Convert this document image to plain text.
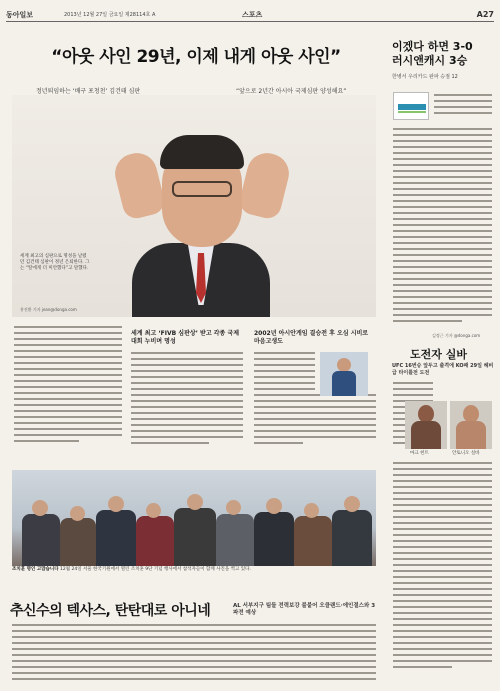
동아일보	2013년 12월 27일 금요일 제28114호 A	스포츠	A27
“아웃 사인 29년, 이제 내게 아웃 사인”
정년퇴임하는 ‘배구 포청천’ 김건태 심판	“앞으로 2년간 아시아 국제심판 양성해요”
세계 최고의 심판으로 명성을 날렸던 김건태 심판이 정년 은퇴한다. 그는 “딸에게 더 미안했다”고 말했다.
홍진환 기자 jean@donga.com
세계 최고 ‘FIVB 심판상’ 받고 각종 국제대회 누비며 명성
2002년 아시안게임 결승전 후 오심 시비로 마음고생도
조치훈 명인 고맙습니다 12월 24일 서울 한국기원에서 열린 조치훈 9단 기념 행사에서 참석자들이 함께 사진을 찍고 있다.
추신수의 텍사스, 탄탄대로 아니네	AL 서부지구 팀들 전력보강 불붙어 오클랜드·에인절스와 3파전 예상
이겠다 하면 3-0
러시앤캐시 3승
한병서 우리카드 완파 승점 12
김정근 기자 @donga.com
도전자 실바
UFC 16번승 앞두고 출격에 KO패 29일 헤비급 타이틀전 도전
마크 헌트	안토니오 실바
